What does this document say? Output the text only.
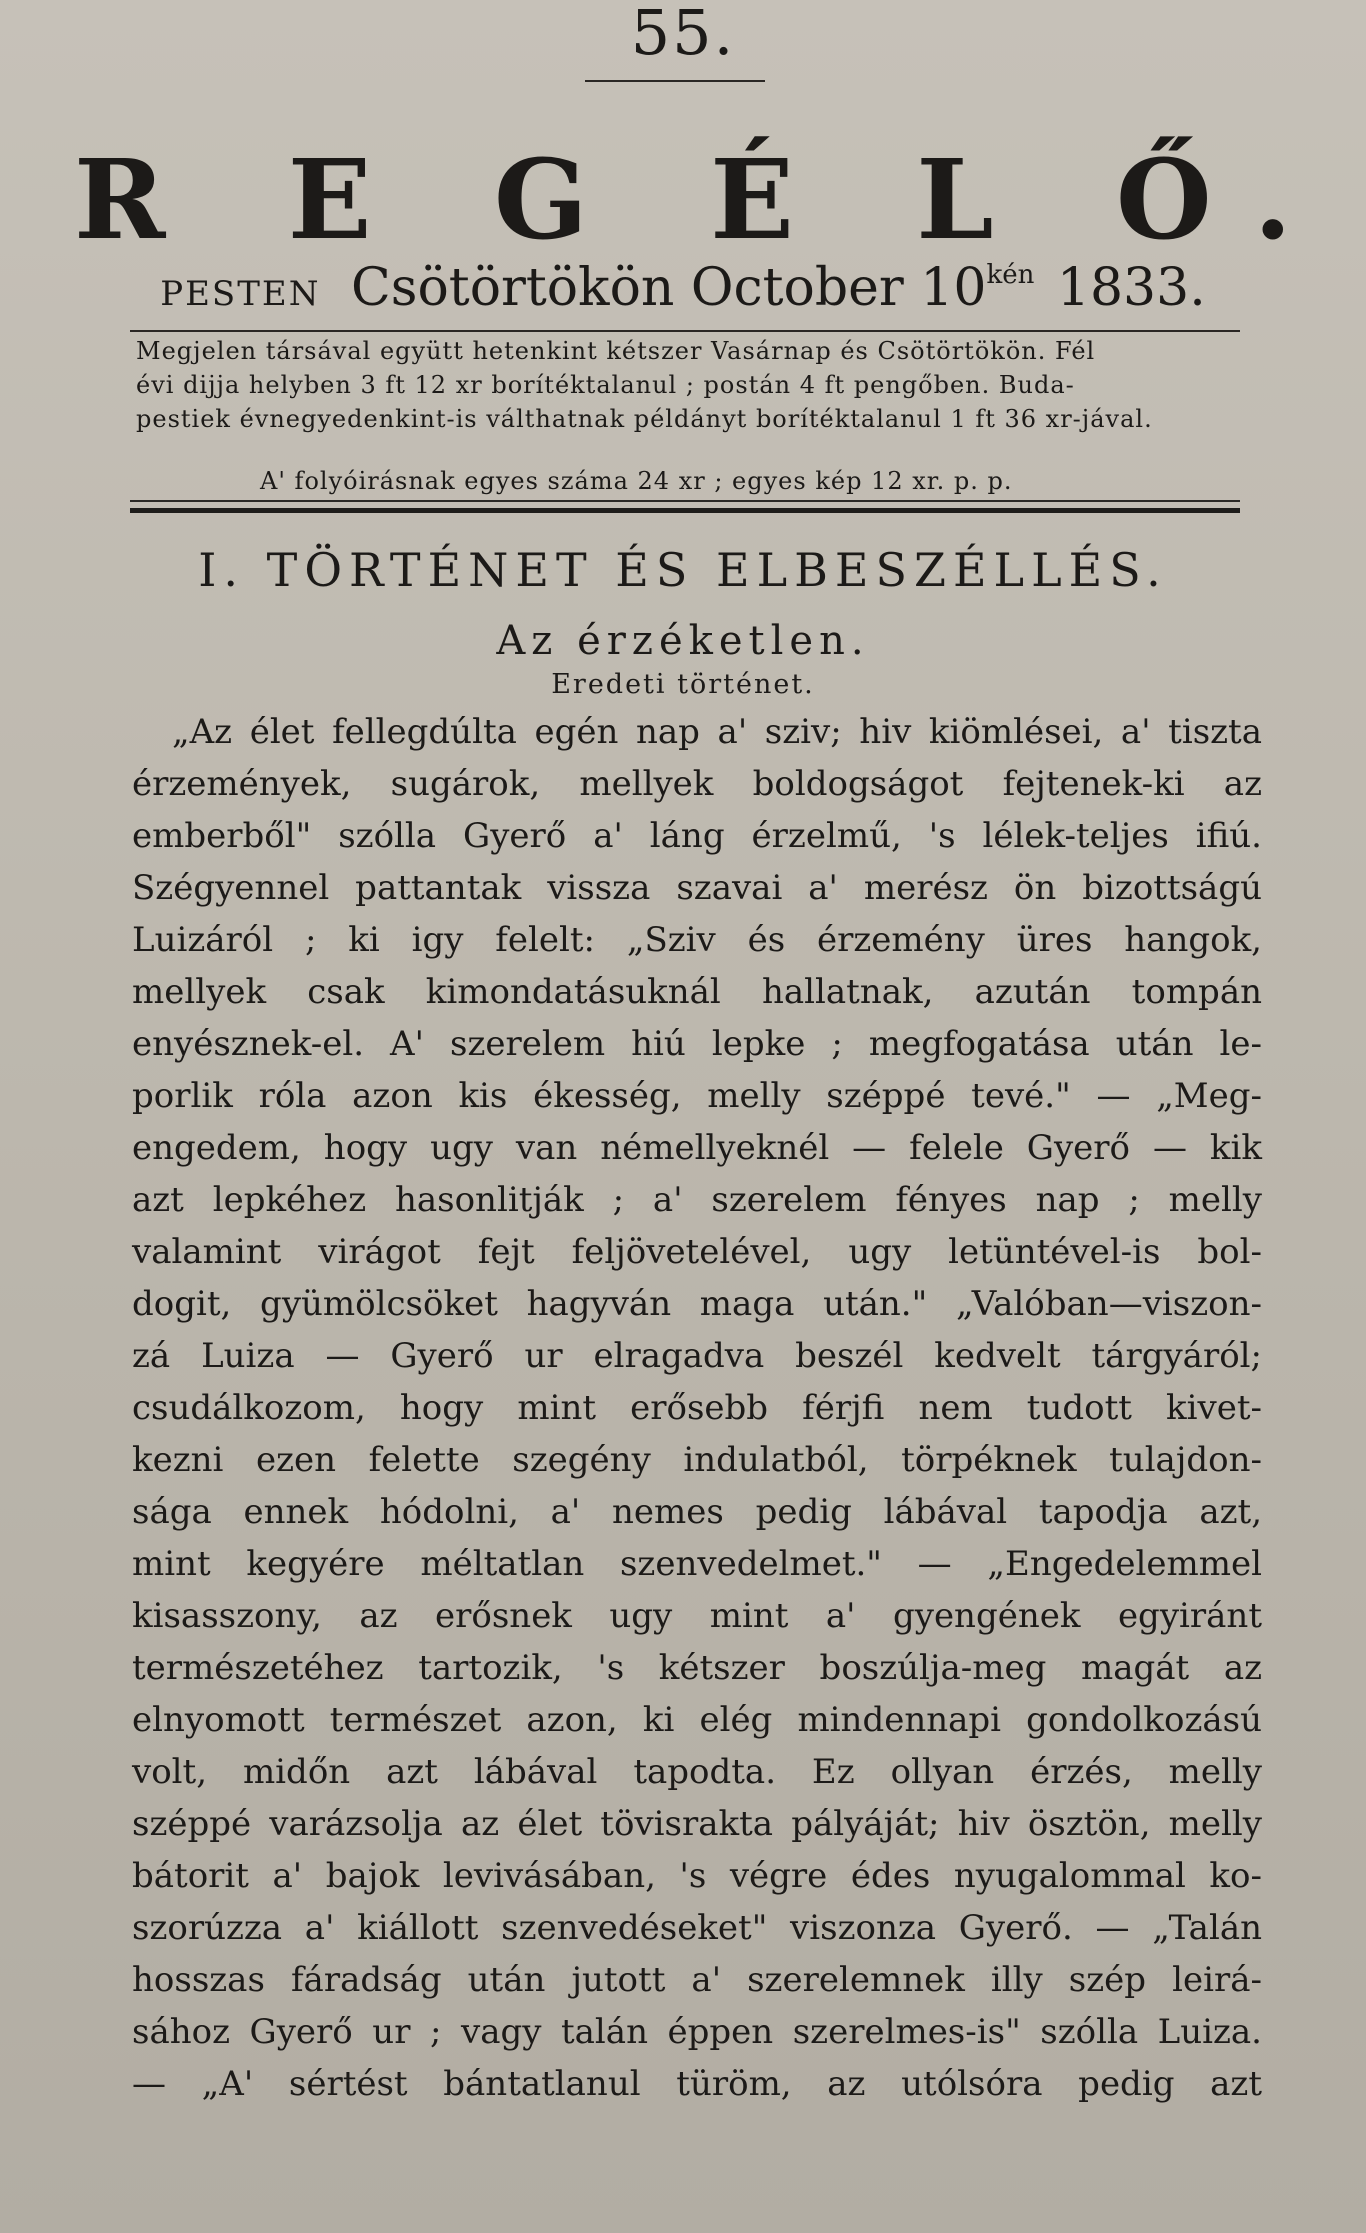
55.
R E G É L Ő.
PESTEN Csötörtökön October $10^{kén}$ 1833.
Megjelen társával együtt hetenkint kétszer Vasárnap és Csötörtökön. Fél
évi dijja helyben 3 ft 12 xr borítéktalanul ; postán 4 ft pengőben. Buda-
pestiek évnegyedenkint-is válthatnak példányt borítéktalanul 1 ft 36 xr-jával.
A' folyóirásnak egyes száma 24 xr ; egyes kép 12 xr. p. p.
I. TÖRTÉNET ÉS ELBESZÉLLÉS.
Az érzéketlen.
Eredeti történet.
„Az élet fellegdúlta egén nap a' sziv; hiv kiömlései, a' tiszta
érzemények, sugárok, mellyek boldogságot fejtenek-ki az
emberből" szólla Gyerő a' láng érzelmű, 's lélek-teljes ifiú.
Szégyennel pattantak vissza szavai a' merész ön bizottságú
Luizáról ; ki igy felelt: „Sziv és érzemény üres hangok,
mellyek csak kimondatásuknál hallatnak, azután tompán
enyésznek-el. A' szerelem hiú lepke ; megfogatása után le-
porlik róla azon kis ékesség, melly széppé tevé." — „Meg-
engedem, hogy ugy van némellyeknél — felele Gyerő — kik
azt lepkéhez hasonlitják ; a' szerelem fényes nap ; melly
valamint virágot fejt feljövetelével, ugy letüntével-is bol-
dogit, gyümölcsöket hagyván maga után." „Valóban—viszon-
zá Luiza — Gyerő ur elragadva beszél kedvelt tárgyáról;
csudálkozom, hogy mint erősebb férjfi nem tudott kivet-
kezni ezen felette szegény indulatból, törpéknek tulajdon-
sága ennek hódolni, a' nemes pedig lábával tapodja azt,
mint kegyére méltatlan szenvedelmet." — „Engedelemmel
kisasszony, az erősnek ugy mint a' gyengének egyiránt
természetéhez tartozik, 's kétszer boszúlja-meg magát az
elnyomott természet azon, ki elég mindennapi gondolkozású
volt, midőn azt lábával tapodta. Ez ollyan érzés, melly
széppé varázsolja az élet tövisrakta pályáját; hiv ösztön, melly
bátorit a' bajok levivásában, 's végre édes nyugalommal ko-
szorúzza a' kiállott szenvedéseket" viszonza Gyerő. — „Talán
hosszas fáradság után jutott a' szerelemnek illy szép leirá-
sához Gyerő ur ; vagy talán éppen szerelmes-is" szólla Luiza.
— „A' sértést bántatlanul türöm, az utólsóra pedig azt
